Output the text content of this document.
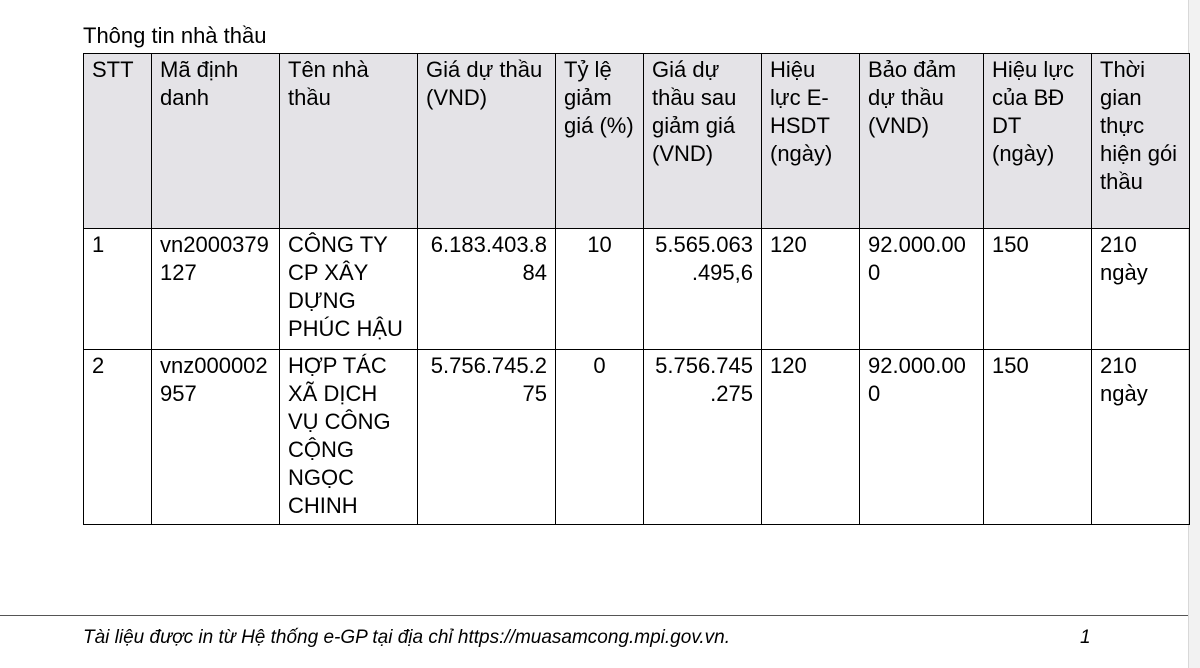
Thông tin nhà thầu
STT	Mã định danh	Tên nhà thầu	Giá dự thầu (VND)	Tỷ lệ giảm giá (%)	Giá dự thầu sau giảm giá (VND)	Hiệu lực E-HSDT (ngày)	Bảo đảm dự thầu (VND)	Hiệu lực của BĐ DT (ngày)	Thời gian thực hiện gói thầu
1	vn2000379127	CÔNG TY CP XÂY DỰNG PHÚC HẬU	6.183.403.884	10	5.565.063.495,6	120	92.000.000	150	210 ngày
2	vnz000002957	HỢP TÁC XÃ DỊCH VỤ CÔNG CỘNG NGỌC CHINH	5.756.745.275	0	5.756.745.275	120	92.000.000	150	210 ngày
Tài liệu được in từ Hệ thống e-GP tại địa chỉ https://muasamcong.mpi.gov.vn.	1
